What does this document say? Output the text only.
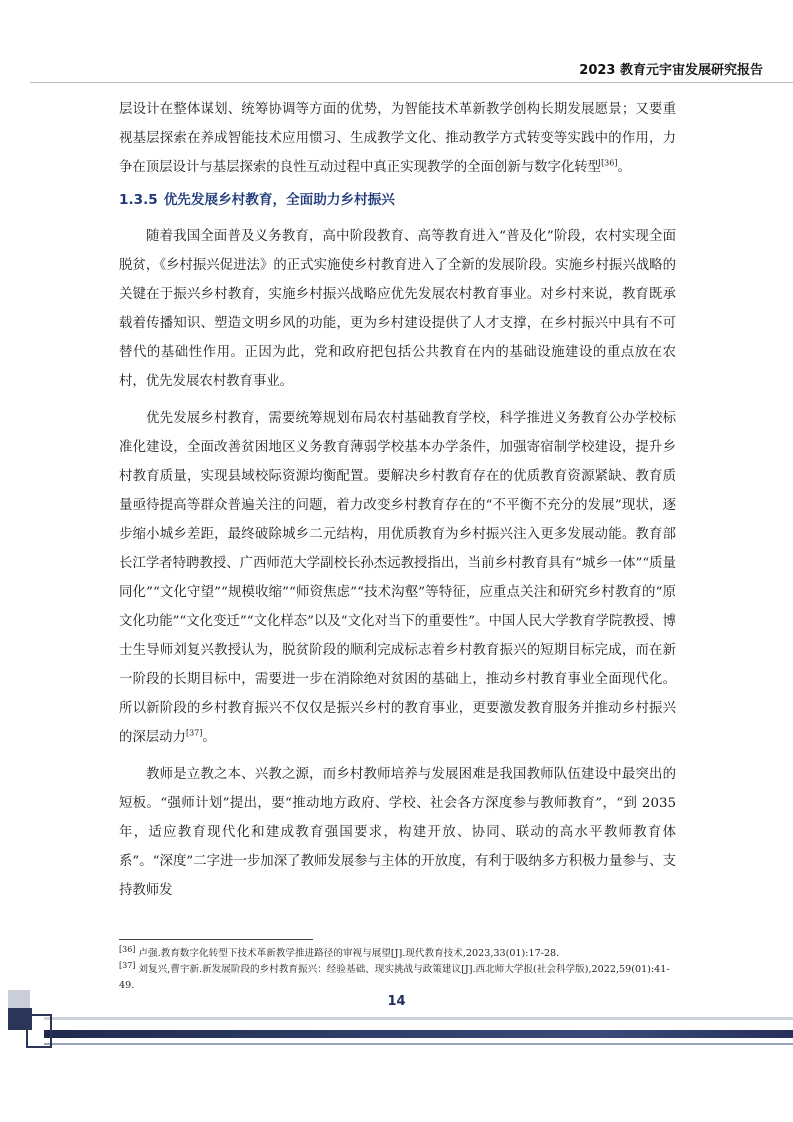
2023 教育元宇宙发展研究报告

层设计在整体谋划、统筹协调等方面的优势，为智能技术革新教学创构长期发展愿景；又要重视基层探索在养成智能技术应用惯习、生成教学文化、推动教学方式转变等实践中的作用，力争在顶层设计与基层探索的良性互动过程中真正实现教学的全面创新与数字化转型[36]。

1.3.5 优先发展乡村教育，全面助力乡村振兴

随着我国全面普及义务教育，高中阶段教育、高等教育进入“普及化”阶段，农村实现全面脱贫，《乡村振兴促进法》的正式实施使乡村教育进入了全新的发展阶段。实施乡村振兴战略的关键在于振兴乡村教育，实施乡村振兴战略应优先发展农村教育事业。对乡村来说，教育既承载着传播知识、塑造文明乡风的功能，更为乡村建设提供了人才支撑，在乡村振兴中具有不可替代的基础性作用。正因为此，党和政府把包括公共教育在内的基础设施建设的重点放在农村，优先发展农村教育事业。

优先发展乡村教育，需要统筹规划布局农村基础教育学校，科学推进义务教育公办学校标准化建设，全面改善贫困地区义务教育薄弱学校基本办学条件，加强寄宿制学校建设，提升乡村教育质量，实现县域校际资源均衡配置。要解决乡村教育存在的优质教育资源紧缺、教育质量亟待提高等群众普遍关注的问题，着力改变乡村教育存在的“不平衡不充分的发展”现状，逐步缩小城乡差距，最终破除城乡二元结构，用优质教育为乡村振兴注入更多发展动能。教育部长江学者特聘教授、广西师范大学副校长孙杰远教授指出，当前乡村教育具有“城乡一体”“质量同化”“文化守望”“规模收缩”“师资焦虑”“技术沟壑”等特征，应重点关注和研究乡村教育的“原文化功能”“文化变迁”“文化样态”以及“文化对当下的重要性”。中国人民大学教育学院教授、博士生导师刘复兴教授认为，脱贫阶段的顺利完成标志着乡村教育振兴的短期目标完成，而在新一阶段的长期目标中，需要进一步在消除绝对贫困的基础上，推动乡村教育事业全面现代化。所以新阶段的乡村教育振兴不仅仅是振兴乡村的教育事业，更要激发教育服务并推动乡村振兴的深层动力[37]。

教师是立教之本、兴教之源，而乡村教师培养与发展困难是我国教师队伍建设中最突出的短板。“强师计划”提出，要“推动地方政府、学校、社会各方深度参与教师教育”，“到 2035 年，适应教育现代化和建成教育强国要求，构建开放、协同、联动的高水平教师教育体系”。“深度”二字进一步加深了教师发展参与主体的开放度，有利于吸纳多方积极力量参与、支持教师发

[36] 卢强.教育数字化转型下技术革新教学推进路径的审视与展望[J].现代教育技术,2023,33(01):17-28.
[37] 刘复兴,曹宇新.新发展阶段的乡村教育振兴：经验基础、现实挑战与政策建议[J].西北师大学报(社会科学版),2022,59(01):41-49.
14
